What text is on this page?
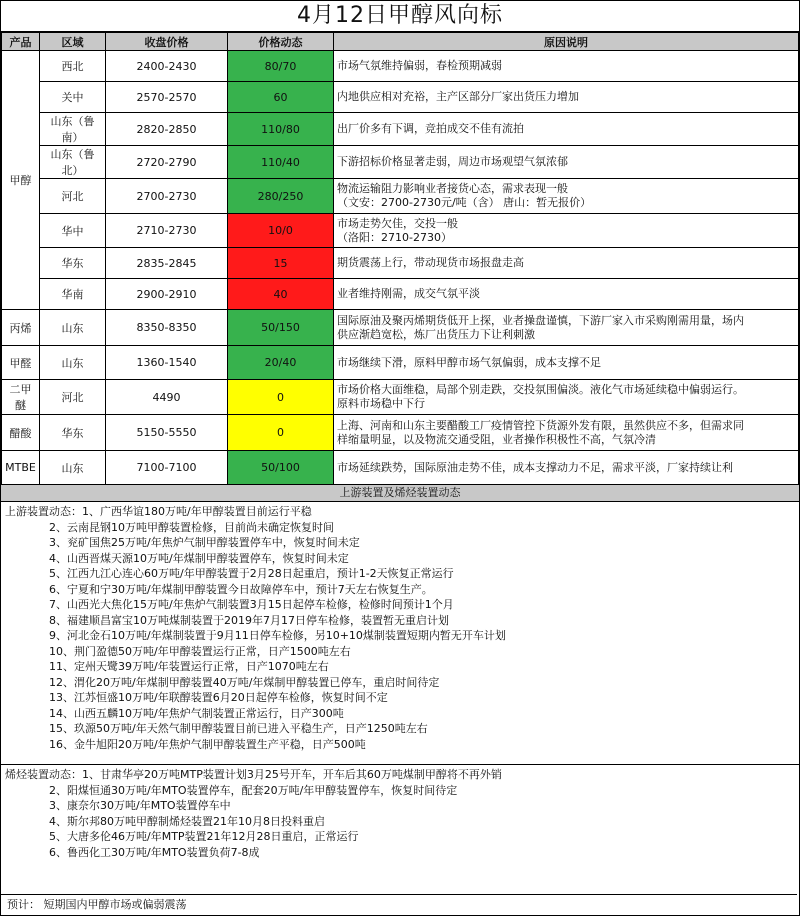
4月12日甲醇风向标
产品	区域	收盘价格	价格动态	原因说明
甲醇	西北	2400-2430	80/70	市场气氛维持偏弱，春检预期减弱

	关中	2570-2570	60	内地供应相对充裕，主产区部分厂家出货压力增加

	山东（鲁南）	2820-2850	110/80	出厂价多有下调，竞拍成交不佳有流拍

	山东（鲁北）	2720-2790	110/40	下游招标价格显著走弱，周边市场观望气氛浓郁

	河北	2700-2730	280/250	物流运输阻力影响业者接货心态，需求表现一般
（文安：2700-2730元/吨（含） 唐山：暂无报价）

	华中	2710-2730	10/0	市场走势欠佳，交投一般
（洛阳：2710-2730）

	华东	2835-2845	15	期货震荡上行，带动现货市场报盘走高

	华南	2900-2910	40	业者维持刚需，成交气氛平淡

丙烯	山东	8350-8350	50/150	国际原油及聚丙烯期货低开上探，业者操盘谨慎，下游厂家入市采购刚需用量，场内
供应渐趋宽松，炼厂出货压力下让利刺激

甲醛	山东	1360-1540	20/40	市场继续下滑，原料甲醇市场气氛偏弱，成本支撑不足

二甲醚	河北	4490	0	市场价格大面维稳，局部个别走跌，交投氛围偏淡。液化气市场延续稳中偏弱运行。
原料市场稳中下行

醋酸	华东	5150-5550	0	上海、河南和山东主要醋酸工厂疫情管控下货源外发有限，虽然供应不多，但需求同
样缩量明显，以及物流交通受阻，业者操作积极性不高，气氛冷清

MTBE	山东	7100-7100	50/100	市场延续跌势，国际原油走势不佳，成本支撑动力不足，需求平淡，厂家持续让利
上游装置及烯烃装置动态
上游装置动态：1、广西华谊180万吨/年甲醇装置目前运行平稳
2、云南昆钢10万吨甲醇装置检修，目前尚未确定恢复时间
3、兖矿国焦25万吨/年焦炉气制甲醇装置停车中，恢复时间未定
4、山西晋煤天源10万吨/年煤制甲醇装置停车，恢复时间未定
5、江西九江心连心60万吨/年甲醇装置于2月28日起重启，预计1-2天恢复正常运行
6、宁夏和宁30万吨/年煤制甲醇装置今日故障停车中，预计7天左右恢复生产。
7、山西光大焦化15万吨/年焦炉气制装置3月15日起停车检修，检修时间预计1个月
8、福建顺昌富宝10万吨煤制装置于2019年7月17日停车检修，装置暂无重启计划
9、河北金石10万吨/年煤制装置于9月11日停车检修，另10+10煤制装置短期内暂无开车计划
10、荆门盈德50万吨/年甲醇装置运行正常，日产1500吨左右
11、定州天鹭39万吨/年装置运行正常，日产1070吨左右
12、渭化20万吨/年煤制甲醇装置40万吨/年煤制甲醇装置已停车，重启时间待定
13、江苏恒盛10万吨/年联醇装置6月20日起停车检修，恢复时间不定
14、山西五麟10万吨/年焦炉气制装置正常运行，日产300吨
15、玖源50万吨/年天然气制甲醇装置目前已进入平稳生产，日产1250吨左右
16、金牛旭阳20万吨/年焦炉气制甲醇装置生产平稳，日产500吨
烯烃装置动态：1、甘肃华亭20万吨MTP装置计划3月25号开车，开车后其60万吨煤制甲醇将不再外销
2、阳煤恒通30万吨/年MTO装置停车，配套20万吨/年甲醇装置停车，恢复时间待定
3、康奈尔30万吨/年MTO装置停车中
4、斯尔邦80万吨甲醇制烯烃装置21年10月8日投料重启
5、大唐多伦46万吨/年MTP装置21年12月28日重启，正常运行
6、鲁西化工30万吨/年MTO装置负荷7-8成
预计： 短期国内甲醇市场或偏弱震荡
